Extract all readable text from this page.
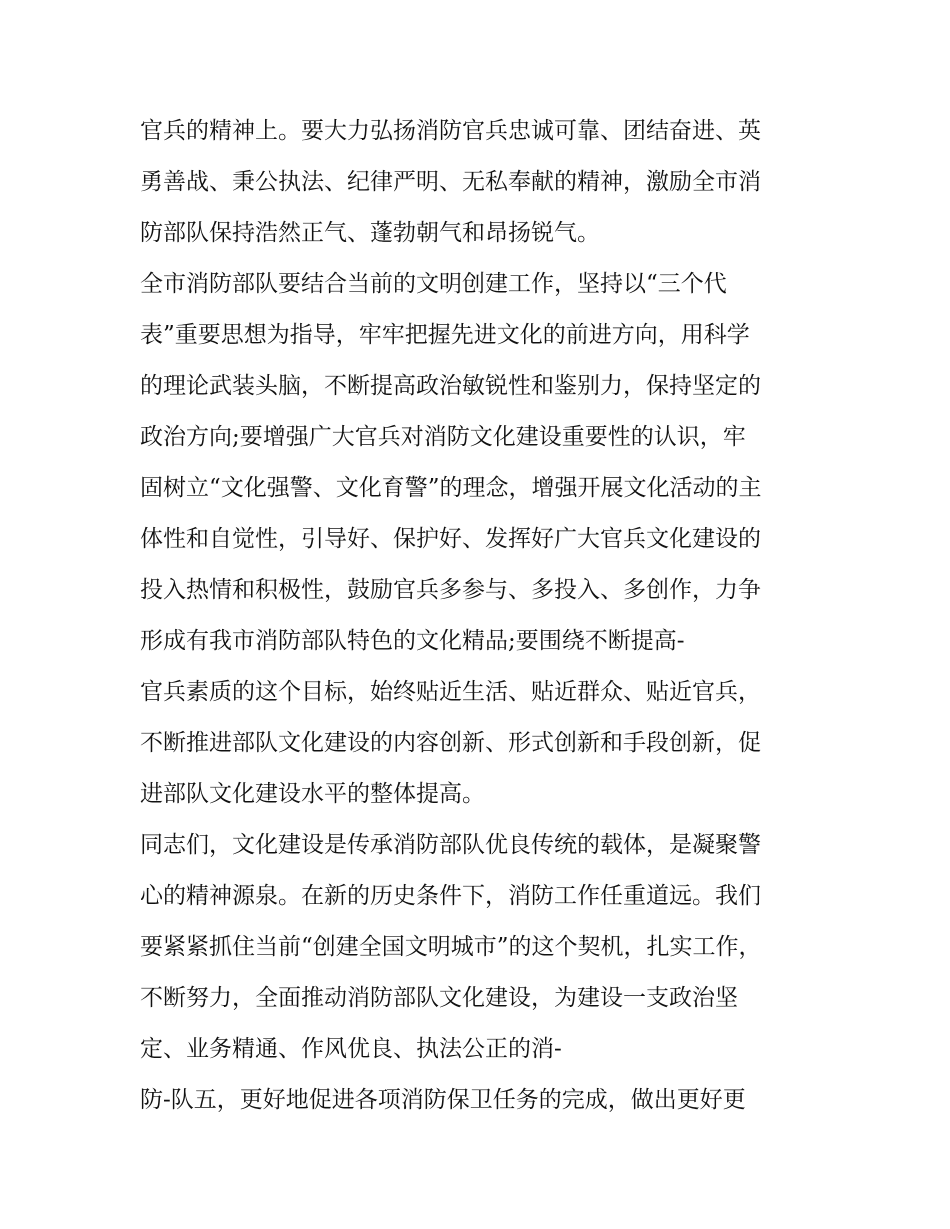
官兵的精神上。要大力弘扬消防官兵忠诚可靠、团结奋进、英
勇善战、秉公执法、纪律严明、无私奉献的精神，激励全市消
防部队保持浩然正气、蓬勃朝气和昂扬锐气。
全市消防部队要结合当前的文明创建工作，坚持以“三个代
表”重要思想为指导，牢牢把握先进文化的前进方向，用科学
的理论武装头脑，不断提高政治敏锐性和鉴别力，保持坚定的
政治方向;要增强广大官兵对消防文化建设重要性的认识，牢
固树立“文化强警、文化育警”的理念，增强开展文化活动的主
体性和自觉性，引导好、保护好、发挥好广大官兵文化建设的
投入热情和积极性，鼓励官兵多参与、多投入、多创作，力争
形成有我市消防部队特色的文化精品;要围绕不断提高-
官兵素质的这个目标，始终贴近生活、贴近群众、贴近官兵，
不断推进部队文化建设的内容创新、形式创新和手段创新，促
进部队文化建设水平的整体提高。
同志们，文化建设是传承消防部队优良传统的载体，是凝聚警
心的精神源泉。在新的历史条件下，消防工作任重道远。我们
要紧紧抓住当前“创建全国文明城市”的这个契机，扎实工作，
不断努力，全面推动消防部队文化建设，为建设一支政治坚
定、业务精通、作风优良、执法公正的消-
防-队五，更好地促进各项消防保卫任务的完成，做出更好更
